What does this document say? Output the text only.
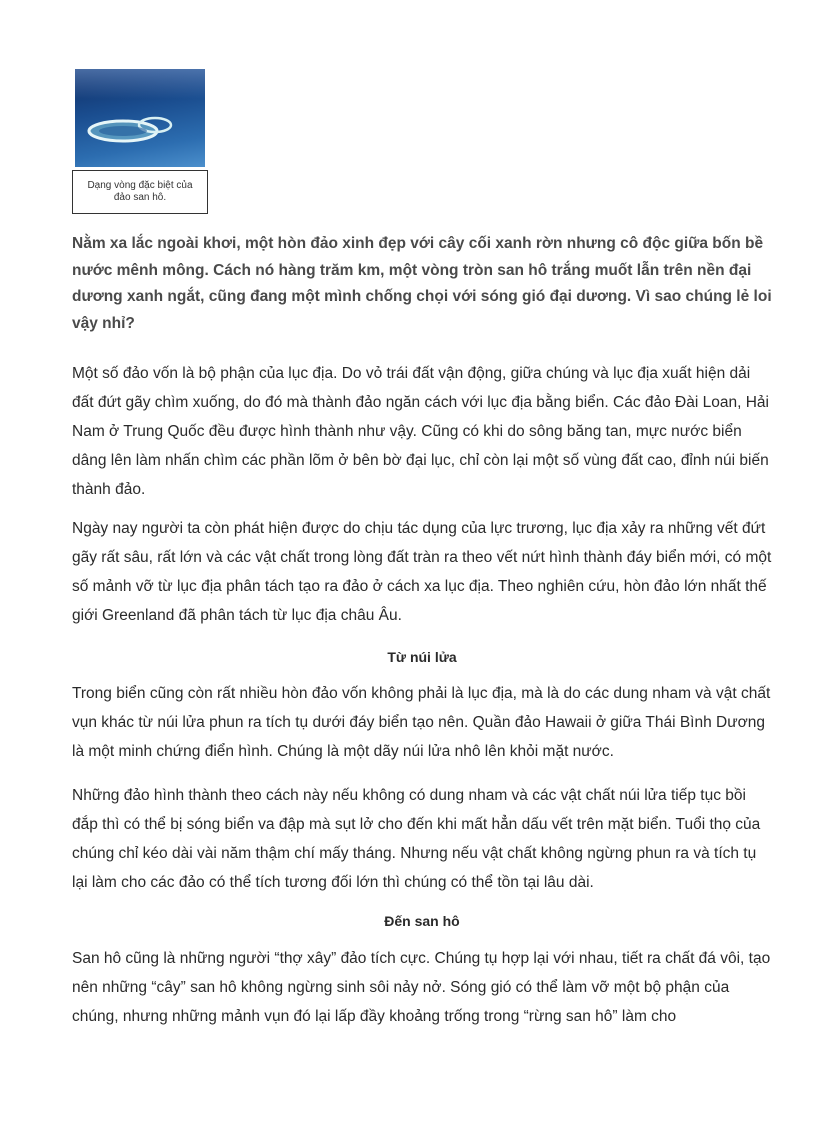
Dạng vòng đặc biệt của đảo san hô.

Nằm xa lắc ngoài khơi, một hòn đảo xinh đẹp với cây cối xanh rờn nhưng cô độc giữa bốn bề nước mênh mông. Cách nó hàng trăm km, một vòng tròn san hô trắng muốt lẫn trên nền đại dương xanh ngắt, cũng đang một mình chống chọi với sóng gió đại dương. Vì sao chúng lẻ loi vậy nhỉ?

Một số đảo vốn là bộ phận của lục địa. Do vỏ trái đất vận động, giữa chúng và lục địa xuất hiện dải đất đứt gãy chìm xuống, do đó mà thành đảo ngăn cách với lục địa bằng biển. Các đảo Đài Loan, Hải Nam ở Trung Quốc đều được hình thành như vậy. Cũng có khi do sông băng tan, mực nước biển dâng lên làm nhấn chìm các phần lõm ở bên bờ đại lục, chỉ còn lại một số vùng đất cao, đỉnh núi biến thành đảo.

Ngày nay người ta còn phát hiện được do chịu tác dụng của lực trương, lục địa xảy ra những vết đứt gãy rất sâu, rất lớn và các vật chất trong lòng đất tràn ra theo vết nứt hình thành đáy biển mới, có một số mảnh vỡ từ lục địa phân tách tạo ra đảo ở cách xa lục địa. Theo nghiên cứu, hòn đảo lớn nhất thế giới Greenland đã phân tách từ lục địa châu Âu.

Từ núi lửa

Trong biển cũng còn rất nhiều hòn đảo vốn không phải là lục địa, mà là do các dung nham và vật chất vụn khác từ núi lửa phun ra tích tụ dưới đáy biển tạo nên. Quần đảo Hawaii ở giữa Thái Bình Dương là một minh chứng điển hình. Chúng là một dãy núi lửa nhô lên khỏi mặt nước.

Những đảo hình thành theo cách này nếu không có dung nham và các vật chất núi lửa tiếp tục bồi đắp thì có thể bị sóng biển va đập mà sụt lở cho đến khi mất hẳn dấu vết trên mặt biển. Tuổi thọ của chúng chỉ kéo dài vài năm thậm chí mấy tháng. Nhưng nếu vật chất không ngừng phun ra và tích tụ lại làm cho các đảo có thể tích tương đối lớn thì chúng có thể tồn tại lâu dài.

Đến san hô

San hô cũng là những người “thợ xây” đảo tích cực. Chúng tụ hợp lại với nhau, tiết ra chất đá vôi, tạo nên những “cây” san hô không ngừng sinh sôi nảy nở. Sóng gió có thể làm vỡ một bộ phận của chúng, nhưng những mảnh vụn đó lại lấp đầy khoảng trống trong “rừng san hô” làm cho
